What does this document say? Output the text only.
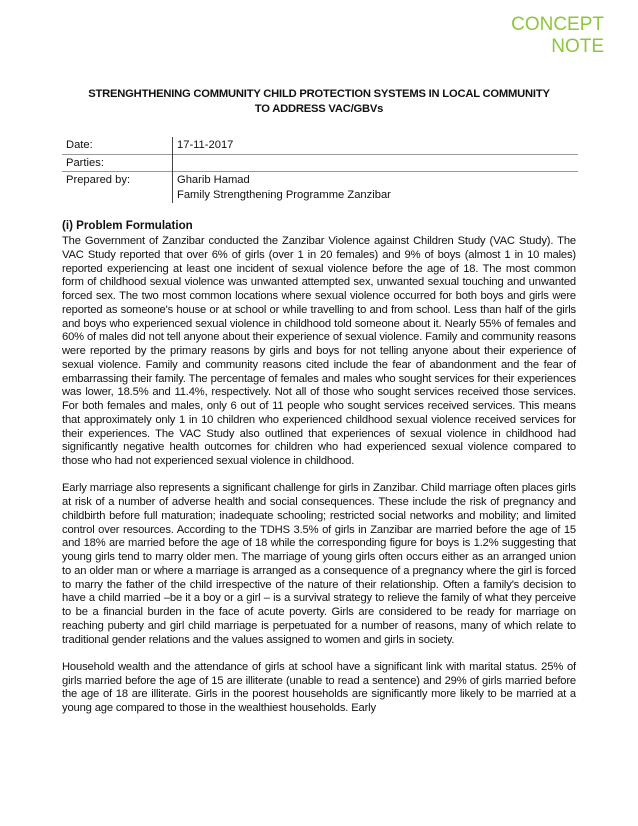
CONCEPT
NOTE
STRENGHTHENING COMMUNITY CHILD PROTECTION SYSTEMS IN LOCAL COMMUNITY
TO ADDRESS VAC/GBVs
Date:	17-11-2017
Parties:	
Prepared by:	Gharib Hamad
Family Strengthening Programme Zanzibar
(i) Problem Formulation

The Government of Zanzibar conducted the Zanzibar Violence against Children Study (VAC Study). The VAC Study reported that over 6% of girls (over 1 in 20 females) and 9% of boys (almost 1 in 10 males) reported experiencing at least one incident of sexual violence before the age of 18. The most common form of childhood sexual violence was unwanted attempted sex, unwanted sexual touching and unwanted forced sex. The two most common locations where sexual violence occurred for both boys and girls were reported as someone's house or at school or while travelling to and from school. Less than half of the girls and boys who experienced sexual violence in childhood told someone about it. Nearly 55% of females and 60% of males did not tell anyone about their experience of sexual violence. Family and community reasons were reported by the primary reasons by girls and boys for not telling anyone about their experience of sexual violence. Family and community reasons cited include the fear of abandonment and the fear of embarrassing their family. The percentage of females and males who sought services for their experiences was lower, 18.5% and 11.4%, respectively. Not all of those who sought services received those services. For both females and males, only 6 out of 11 people who sought services received services. This means that approximately only 1 in 10 children who experienced childhood sexual violence received services for their experiences. The VAC Study also outlined that experiences of sexual violence in childhood had significantly negative health outcomes for children who had experienced sexual violence compared to those who had not experienced sexual violence in childhood.

Early marriage also represents a significant challenge for girls in Zanzibar. Child marriage often places girls at risk of a number of adverse health and social consequences. These include the risk of pregnancy and childbirth before full maturation; inadequate schooling; restricted social networks and mobility; and limited control over resources. According to the TDHS 3.5% of girls in Zanzibar are married before the age of 15 and 18% are married before the age of 18 while the corresponding figure for boys is 1.2% suggesting that young girls tend to marry older men. The marriage of young girls often occurs either as an arranged union to an older man or where a marriage is arranged as a consequence of a pregnancy where the girl is forced to marry the father of the child irrespective of the nature of their relationship. Often a family's decision to have a child married –be it a boy or a girl – is a survival strategy to relieve the family of what they perceive to be a financial burden in the face of acute poverty. Girls are considered to be ready for marriage on reaching puberty and girl child marriage is perpetuated for a number of reasons, many of which relate to traditional gender relations and the values assigned to women and girls in society.

Household wealth and the attendance of girls at school have a significant link with marital status. 25% of girls married before the age of 15 are illiterate (unable to read a sentence) and 29% of girls married before the age of 18 are illiterate. Girls in the poorest households are significantly more likely to be married at a young age compared to those in the wealthiest households. Early
